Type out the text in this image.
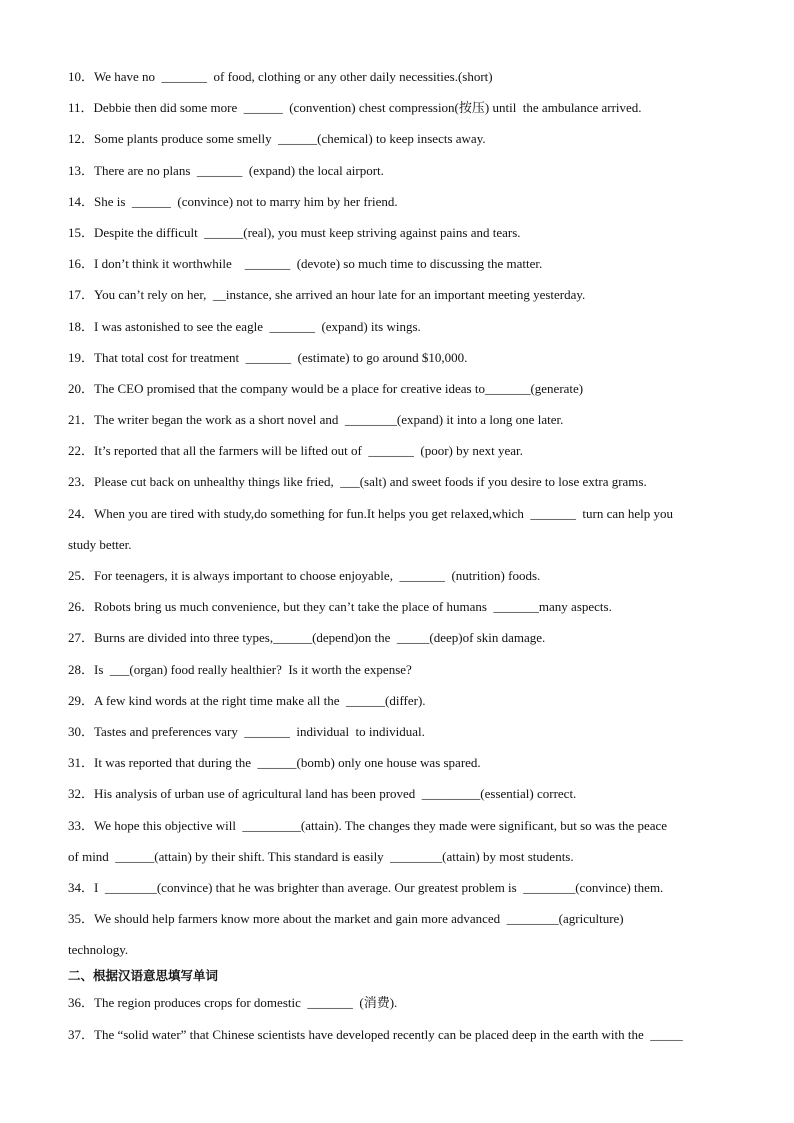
10．We have no  _______  of food, clothing or any other daily necessities.(short)
11．Debbie then did some more  ______  (convention) chest compression(按压) until  the ambulance arrived.
12．Some plants produce some smelly  ______(chemical) to keep insects away.
13．There are no plans  _______  (expand) the local airport.
14．She is  ______  (convince) not to marry him by her friend.
15．Despite the difficult  ______(real), you must keep striving against pains and tears.
16．I don’t think it worthwhile    _______  (devote) so much time to discussing the matter.
17．You can’t rely on her,  __instance, she arrived an hour late for an important meeting yesterday.
18．I was astonished to see the eagle  _______  (expand) its wings.
19．That total cost for treatment  _______  (estimate) to go around $10,000.
20．The CEO promised that the company would be a place for creative ideas to_______(generate)
21．The writer began the work as a short novel and  ________(expand) it into a long one later.
22．It’s reported that all the farmers will be lifted out of  _______  (poor) by next year.
23．Please cut back on unhealthy things like fried,  ___(salt) and sweet foods if you desire to lose extra grams.
24．When you are tired with study,do something for fun.It helps you get relaxed,which  _______  turn can help you
study better.
25．For teenagers, it is always important to choose enjoyable,  _______  (nutrition) foods.
26．Robots bring us much convenience, but they can’t take the place of humans  _______many aspects.
27．Burns are divided into three types,______(depend)on the  _____(deep)of skin damage.
28．Is  ___(organ) food really healthier?  Is it worth the expense?
29．A few kind words at the right time make all the  ______(differ).
30．Tastes and preferences vary  _______  individual  to individual.
31．It was reported that during the  ______(bomb) only one house was spared.
32．His analysis of urban use of agricultural land has been proved  _________(essential) correct.
33．We hope this objective will  _________(attain). The changes they made were significant, but so was the peace
of mind  ______(attain) by their shift. This standard is easily  ________(attain) by most students.
34．I  ________(convince) that he was brighter than average. Our greatest problem is  ________(convince) them.
35．We should help farmers know more about the market and gain more advanced  ________(agriculture)
technology.
二、根据汉语意思填写单词
36．The region produces crops for domestic  _______  (消费).
37．The “solid water” that Chinese scientists have developed recently can be placed deep in the earth with the  _____
